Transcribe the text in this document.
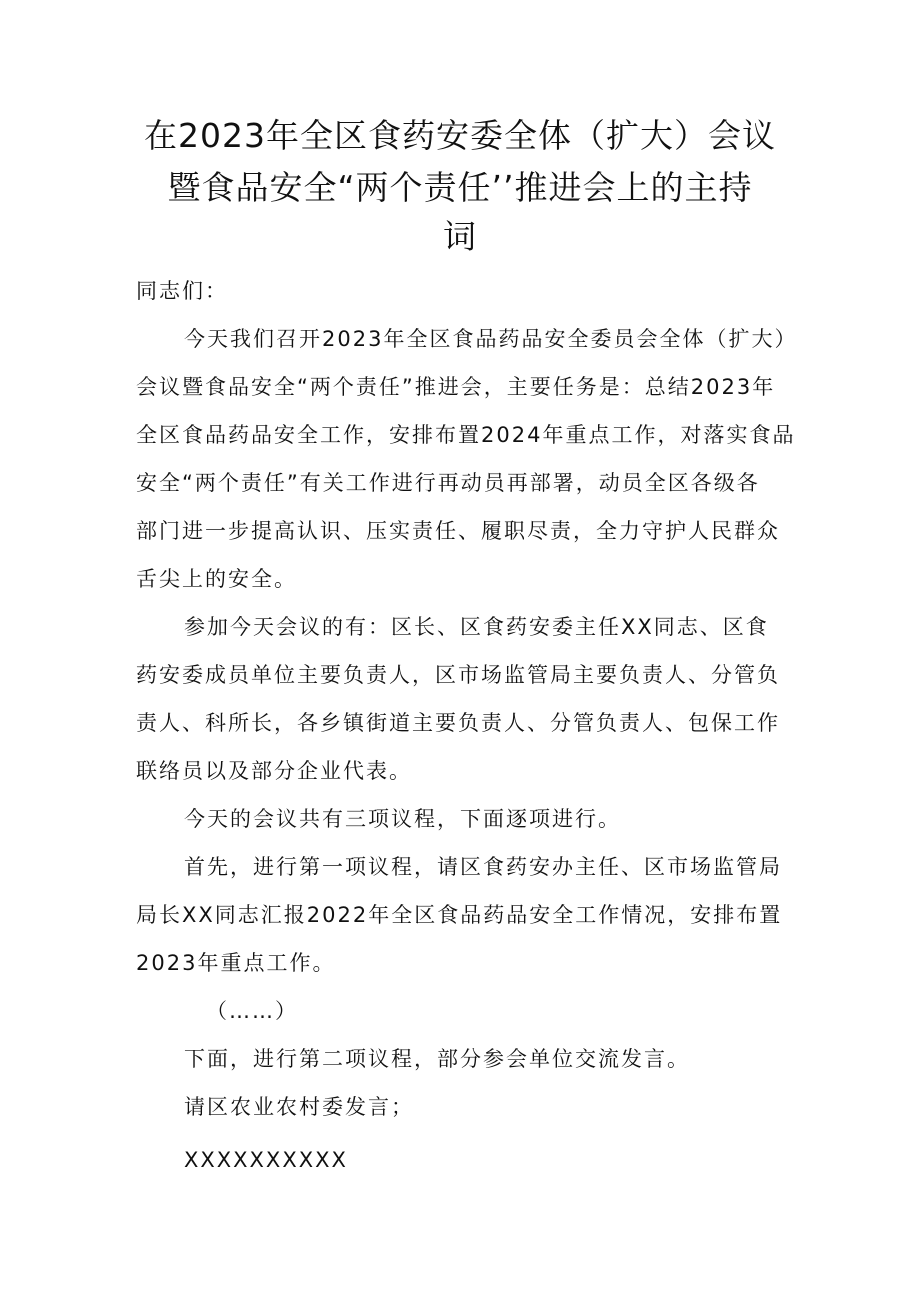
在2023年全区食药安委全体（扩大）会议
暨食品安全“两个责任’’推进会上的主持
词
同志们：
今天我们召开2023年全区食品药品安全委员会全体（扩大）
会议暨食品安全“两个责任”推进会，主要任务是：总结2023年
全区食品药品安全工作，安排布置2024年重点工作，对落实食品
安全“两个责任”有关工作进行再动员再部署，动员全区各级各
部门进一步提高认识、压实责任、履职尽责，全力守护人民群众
舌尖上的安全。
参加今天会议的有：区长、区食药安委主任XX同志、区食
药安委成员单位主要负责人，区市场监管局主要负责人、分管负
责人、科所长，各乡镇街道主要负责人、分管负责人、包保工作
联络员以及部分企业代表。
今天的会议共有三项议程，下面逐项进行。
首先，进行第一项议程，请区食药安办主任、区市场监管局
局长XX同志汇报2022年全区食品药品安全工作情况，安排布置
2023年重点工作。
（……）
下面，进行第二项议程，部分参会单位交流发言。
请区农业农村委发言；
XXXXXXXXXX
